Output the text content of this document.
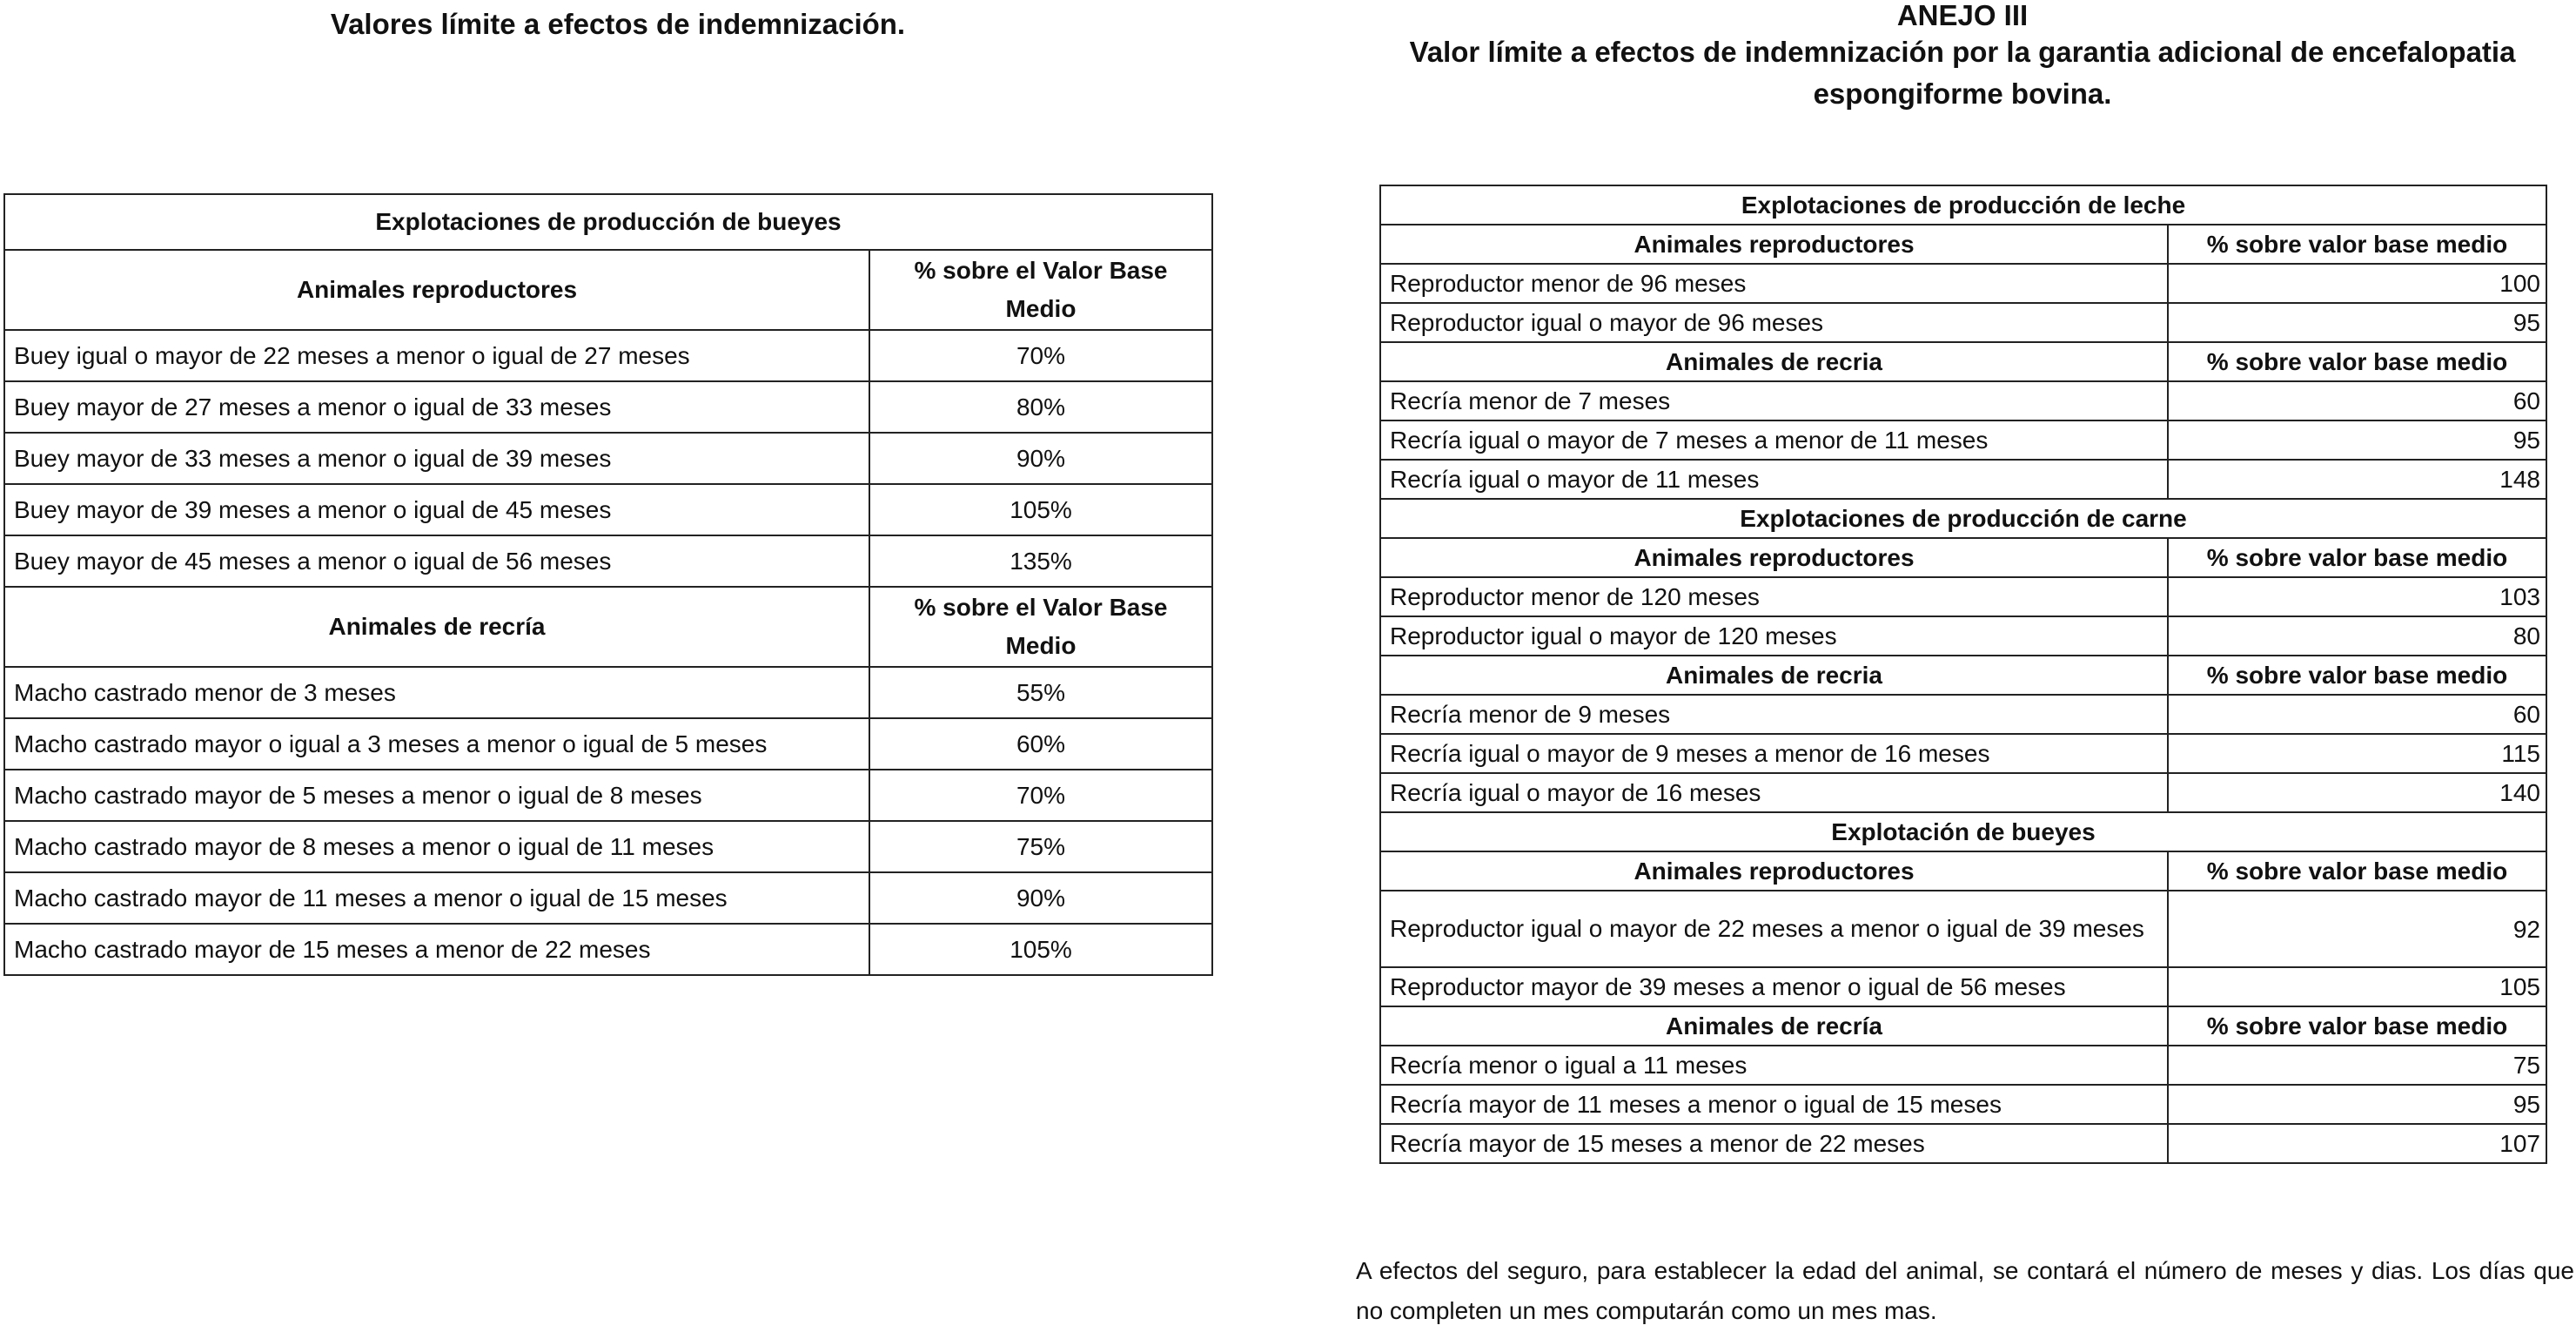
Valores límite a efectos de indemnización.
Explotaciones de producción de bueyes	
Animales reproductores	% sobre el Valor Base Medio
Buey igual o mayor de 22 meses a menor o igual de 27 meses	70%
Buey mayor de 27 meses a menor o igual de 33 meses	80%
Buey mayor de 33 meses a menor o igual de 39 meses	90%
Buey mayor de 39 meses a menor o igual de 45 meses	105%
Buey mayor de 45 meses a menor o igual de 56 meses	135%
Animales de recría	% sobre el Valor Base Medio
Macho castrado menor de 3 meses	55%
Macho castrado mayor o igual a 3 meses a menor o igual de 5 meses	60%
Macho castrado mayor de 5 meses a menor o igual de 8 meses	70%
Macho castrado mayor de 8 meses a menor o igual de 11 meses	75%
Macho castrado mayor de 11 meses a menor o igual de 15 meses	90%
Macho castrado mayor de 15 meses a menor de 22 meses	105%
ANEJO III
Valor límite a efectos de indemnización por la garantia adicional de encefalopatia
espongiforme bovina.
Explotaciones de producción de leche	
Animales reproductores	% sobre valor base medio
Reproductor menor de 96 meses	100
Reproductor igual o mayor de 96 meses	95
Animales de recria	% sobre valor base medio
Recría menor de 7 meses	60
Recría igual o mayor de 7 meses a menor de 11 meses	95
Recría igual o mayor de 11 meses	148
Explotaciones de producción de carne	
Animales reproductores	% sobre valor base medio
Reproductor menor de 120 meses	103
Reproductor igual o mayor de 120 meses	80
Animales de recria	% sobre valor base medio
Recría menor de 9 meses	60
Recría igual o mayor de 9 meses a menor de 16 meses	115
Recría igual o mayor de 16 meses	140
Explotación de bueyes	
Animales reproductores	% sobre valor base medio
Reproductor igual o mayor de 22 meses a menor o igual de 39 meses	92
Reproductor mayor de 39 meses a menor o igual de 56 meses	105
Animales de recría	% sobre valor base medio
Recría menor o igual a 11 meses	75
Recría mayor de 11 meses a menor o igual de 15 meses	95
Recría mayor de 15 meses a menor de 22 meses	107
A efectos del seguro, para establecer la edad del animal, se contará el número de meses y dias. Los días que no completen un mes computarán como un mes mas.
